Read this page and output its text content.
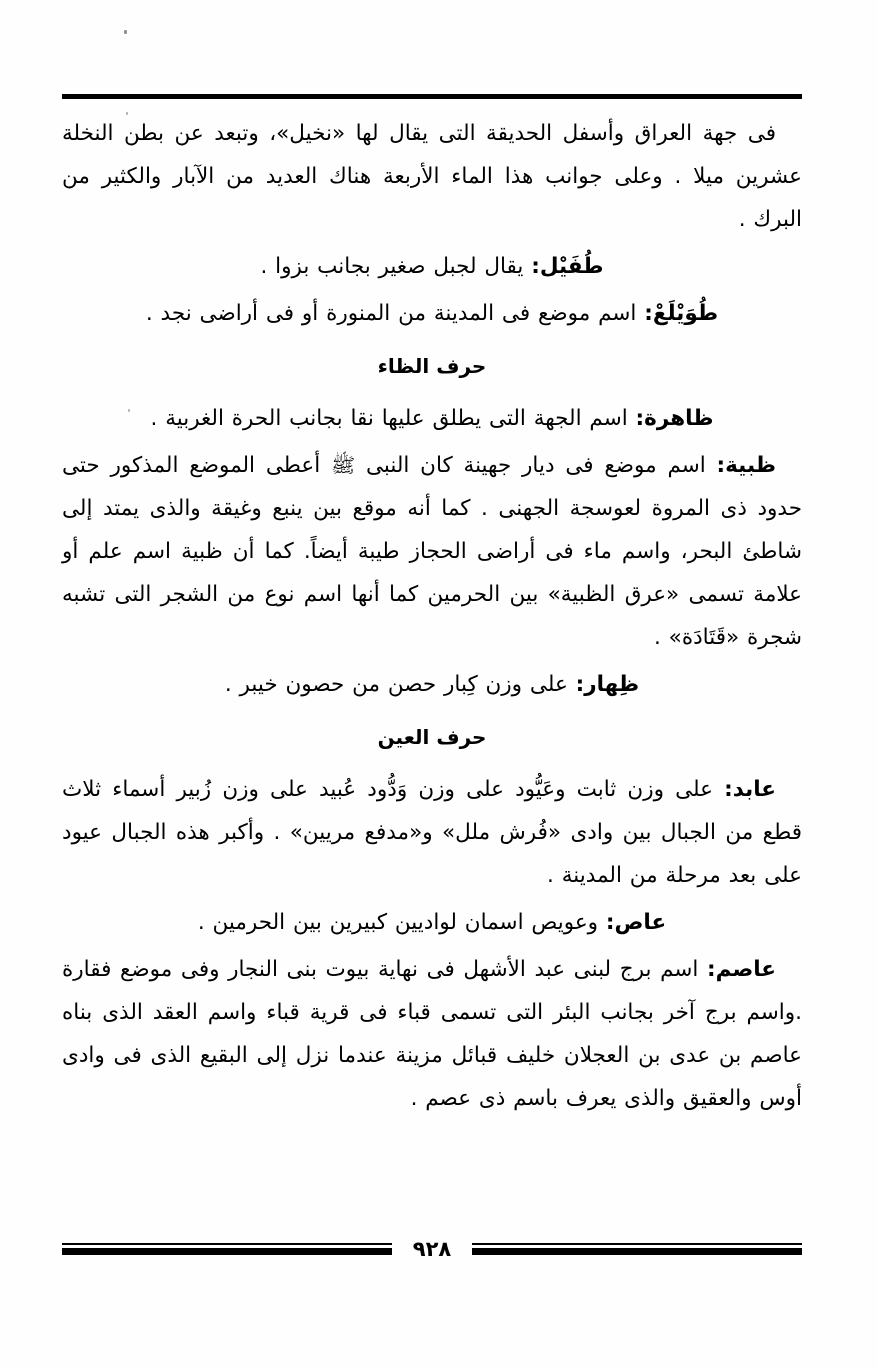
فى جهة العراق وأسفل الحديقة التى يقال لها «نخيل»، وتبعد عن بطن النخلة عشرين ميلا . وعلى جوانب هذا الماء الأربعة هناك العديد من الآبار والكثير من البرك .

طُفَيْل: يقال لجبل صغير بجانب بزوا .

طُوَيْلَعْ: اسم موضع فى المدينة من المنورة أو فى أراضى نجد .

حرف الظاء

ظاهرة: اسم الجهة التى يطلق عليها نقا بجانب الحرة الغربية .

ظبية: اسم موضع فى ديار جهينة كان النبى ﷺ أعطى الموضع المذكور حتى حدود ذى المروة لعوسجة الجهنى . كما أنه موقع بين ينبع وغيقة والذى يمتد إلى شاطئ البحر، واسم ماء فى أراضى الحجاز طيبة أيضاً. كما أن ظبية اسم علم أو علامة تسمى «عرق الظبية» بين الحرمين كما أنها اسم نوع من الشجر التى تشبه شجرة «قَتَادَة» .

ظِهار: على وزن كِبار حصن من حصون خيبر .

حرف العين

عابد: على وزن ثابت وعَيُّود على وزن وَدُّود عُبيد على وزن زُبير أسماء ثلاث قطع من الجبال بين وادى «فُرش ملل» و«مدفع مريين» . وأكبر هذه الجبال عيود على بعد مرحلة من المدينة .

عاص: وعويص اسمان لواديين كبيرين بين الحرمين .

عاصم: اسم برج لبنى عبد الأشهل فى نهاية بيوت بنى النجار وفى موضع فقارة .واسم برج آخر بجانب البئر التى تسمى قباء فى قرية قباء واسم العقد الذى بناه عاصم بن عدى بن العجلان خليف قبائل مزينة عندما نزل إلى البقيع الذى فى وادى أوس والعقيق والذى يعرف باسم ذى عصم .

٩٢٨
